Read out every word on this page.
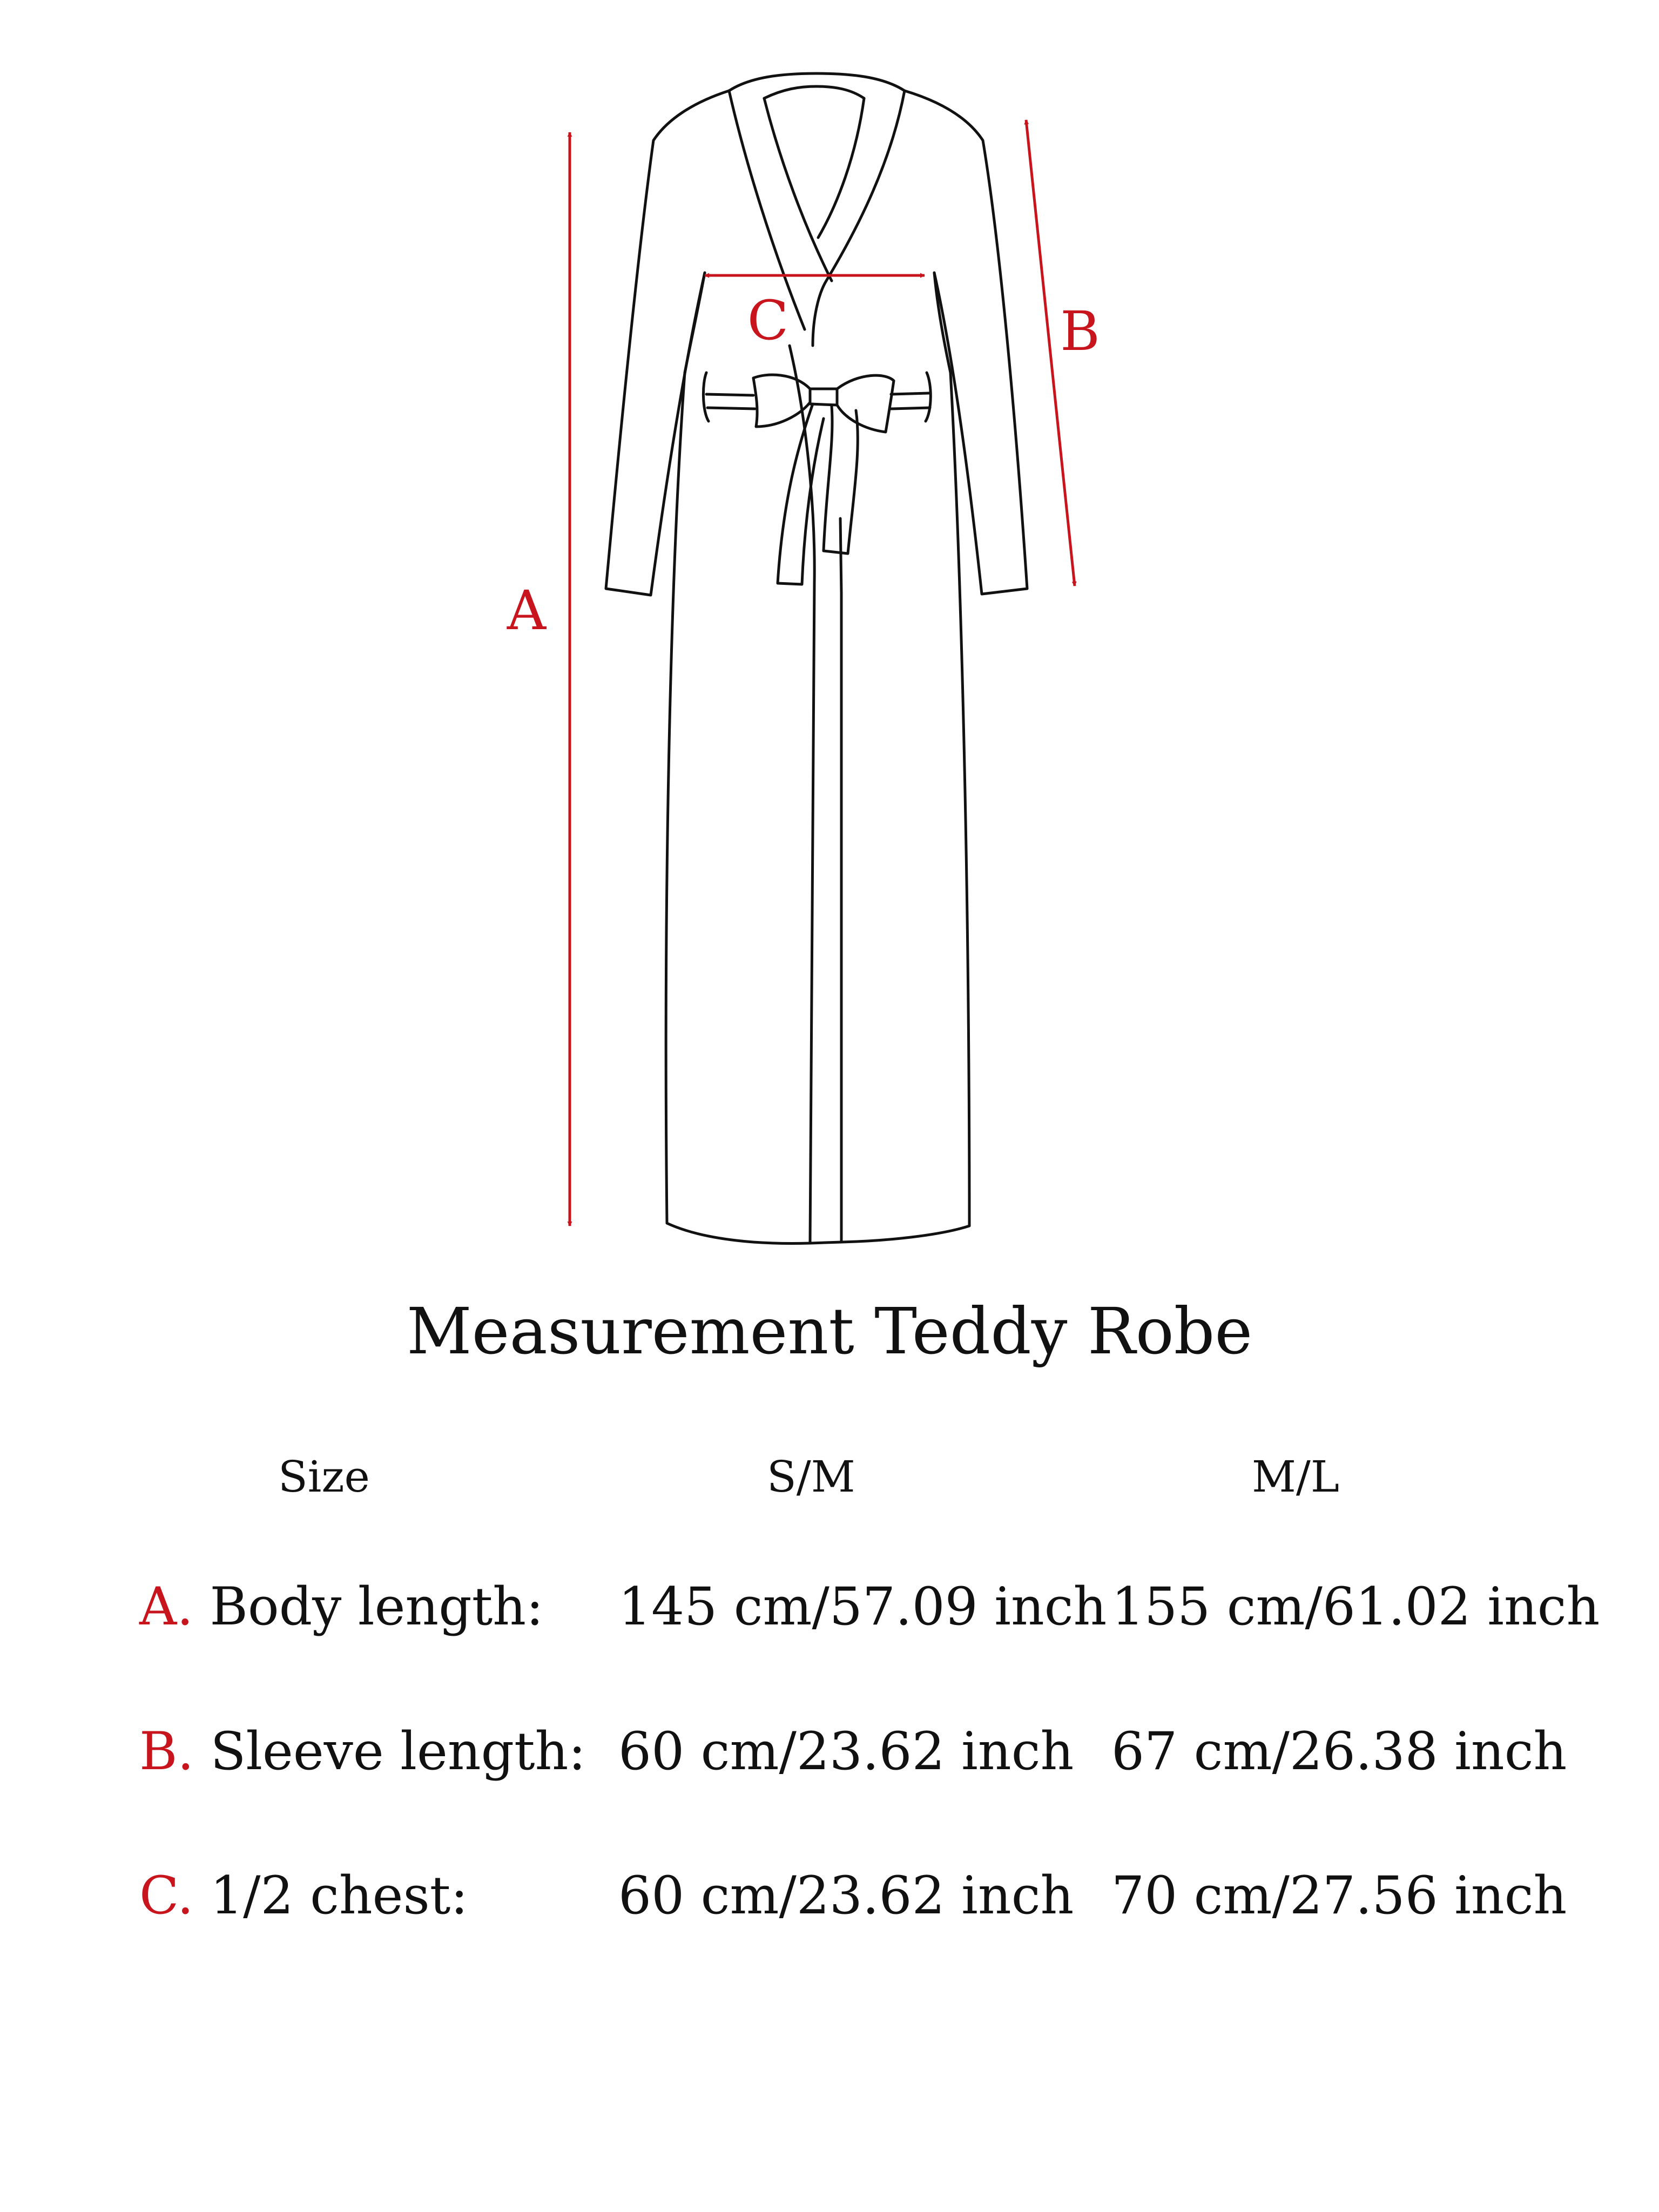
A
B
C
Measurement Teddy Robe
Size	S/M	M/L
A. Body length: 145 cm/57.09 inch 155 cm/61.02 inch
B. Sleeve length: 60 cm/23.62 inch 67 cm/26.38 inch
C. 1/2 chest:	60 cm/23.62 inch 70 cm/27.56 inch
